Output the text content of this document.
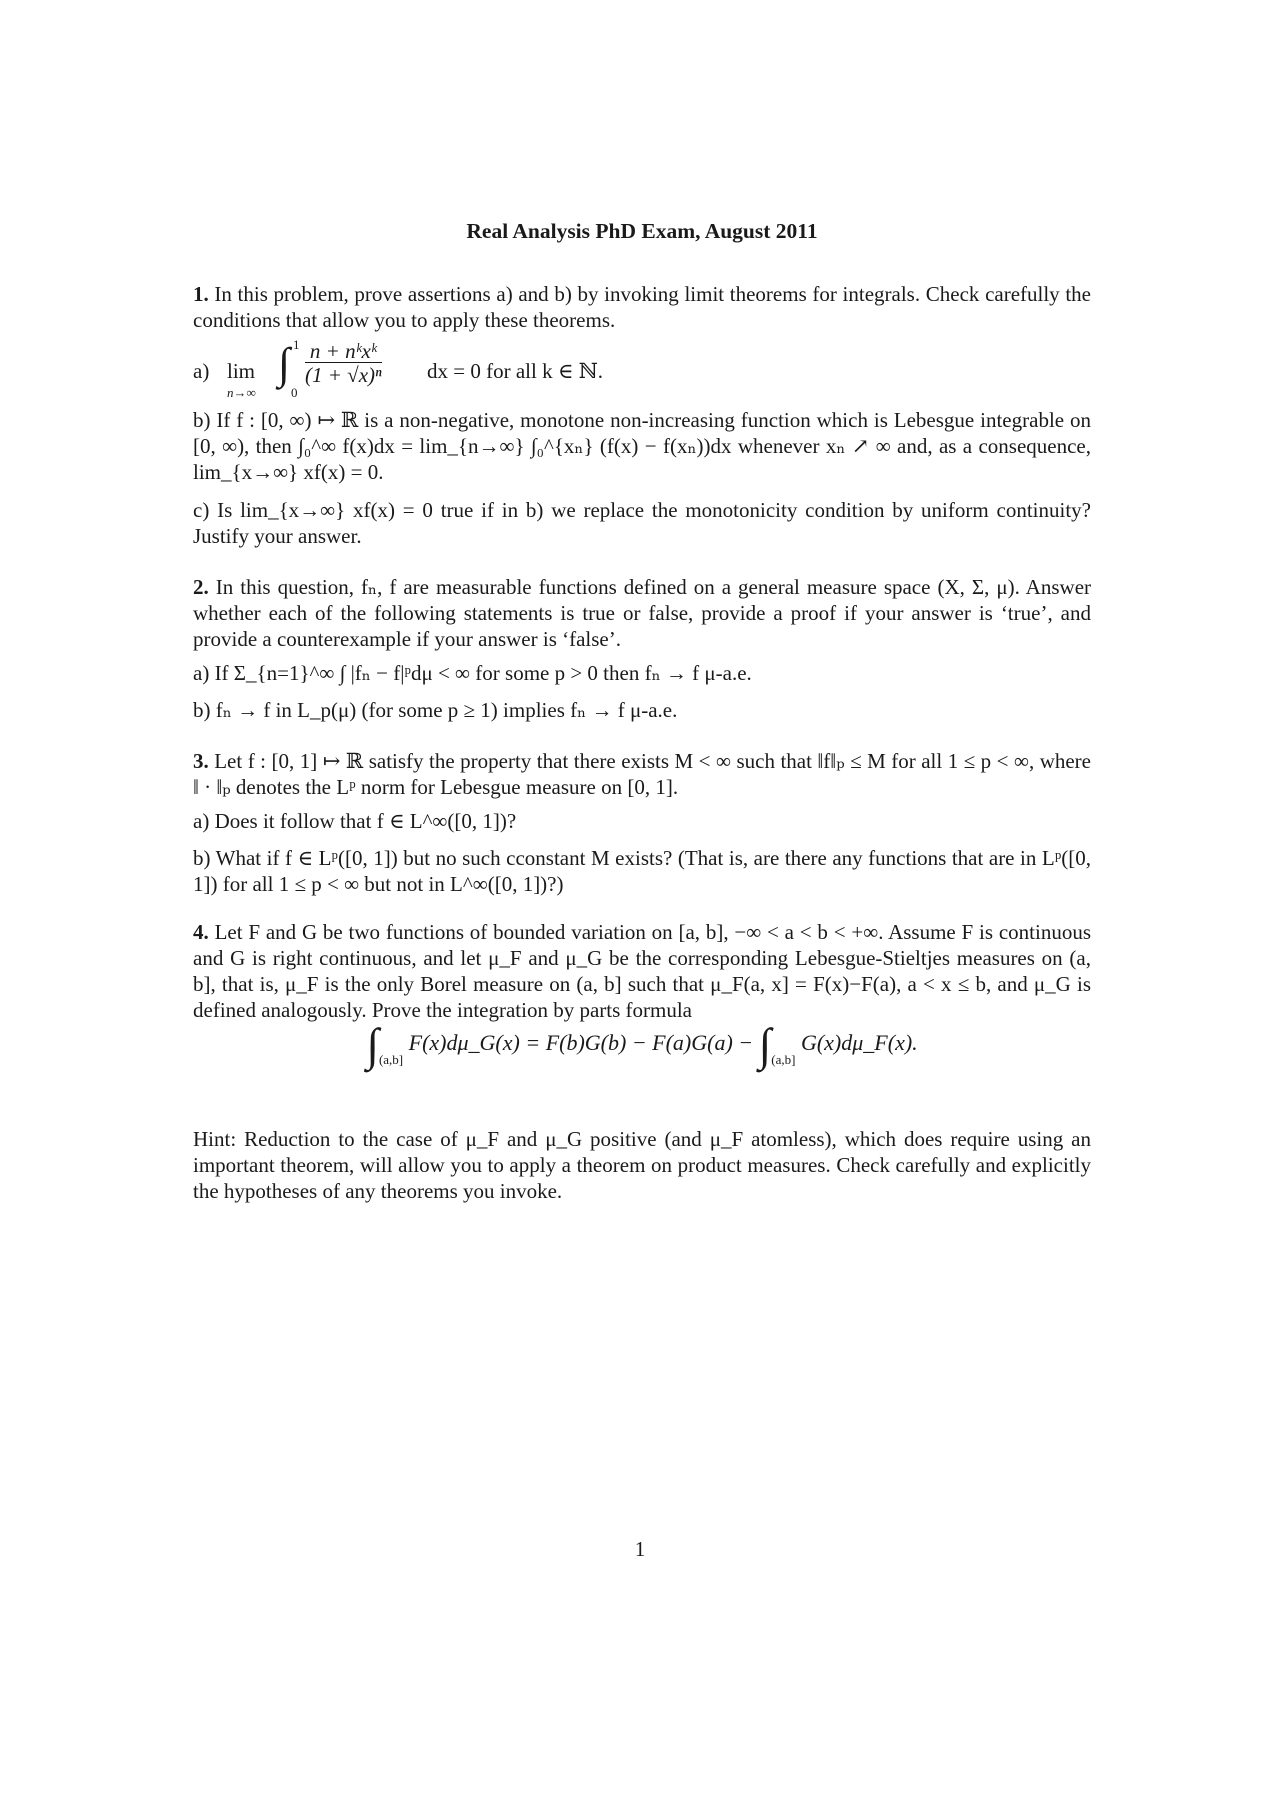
Real Analysis PhD Exam, August 2011

1. In this problem, prove assertions a) and b) by invoking limit theorems for integrals. Check carefully the conditions that allow you to apply these theorems.

a) lim
n→∞
∫ 1
0
n + nᵏxᵏ
(1 + √x)ⁿ dx = 0 for all k ∈ ℕ.

b) If f : [0, ∞) ↦ ℝ is a non-negative, monotone non-increasing function which is Lebesgue integrable on [0, ∞), then ∫₀^∞ f(x)dx = lim_{n→∞} ∫₀^{xₙ} (f(x) − f(xₙ))dx whenever xₙ ↗ ∞ and, as a consequence, lim_{x→∞} xf(x) = 0.

c) Is lim_{x→∞} xf(x) = 0 true if in b) we replace the monotonicity condition by uniform continuity? Justify your answer.

2. In this question, fₙ, f are measurable functions defined on a general measure space (X, Σ, μ). Answer whether each of the following statements is true or false, provide a proof if your answer is ‘true’, and provide a counterexample if your answer is ‘false’.

a) If Σ_{n=1}^∞ ∫ |fₙ − f|ᵖdμ < ∞ for some p > 0 then fₙ → f μ-a.e.

b) fₙ → f in L_p(μ) (for some p ≥ 1) implies fₙ → f μ-a.e.

3. Let f : [0, 1] ↦ ℝ satisfy the property that there exists M < ∞ such that ‖f‖ₚ ≤ M for all 1 ≤ p < ∞, where ‖ · ‖ₚ denotes the Lᵖ norm for Lebesgue measure on [0, 1].

a) Does it follow that f ∈ L^∞([0, 1])?

b) What if f ∈ Lᵖ([0, 1]) but no such cconstant M exists? (That is, are there any functions that are in Lᵖ([0, 1]) for all 1 ≤ p < ∞ but not in L^∞([0, 1])?)

4. Let F and G be two functions of bounded variation on [a, b], −∞ < a < b < +∞. Assume F is continuous and G is right continuous, and let μ_F and μ_G be the corresponding Lebesgue-Stieltjes measures on (a, b], that is, μ_F is the only Borel measure on (a, b] such that μ_F(a, x] = F(x)−F(a), a < x ≤ b, and μ_G is defined analogously. Prove the integration by parts formula

$\int_{(a,b]}$ F(x)dμ_G(x) = $F(b)G(b) - F(a)G(a) - \int_{(a,b]}$ G(x)dμ_F(x).

Hint: Reduction to the case of μ_F and μ_G positive (and μ_F atomless), which does require using an important theorem, will allow you to apply a theorem on product measures. Check carefully and explicitly the hypotheses of any theorems you invoke.

1
